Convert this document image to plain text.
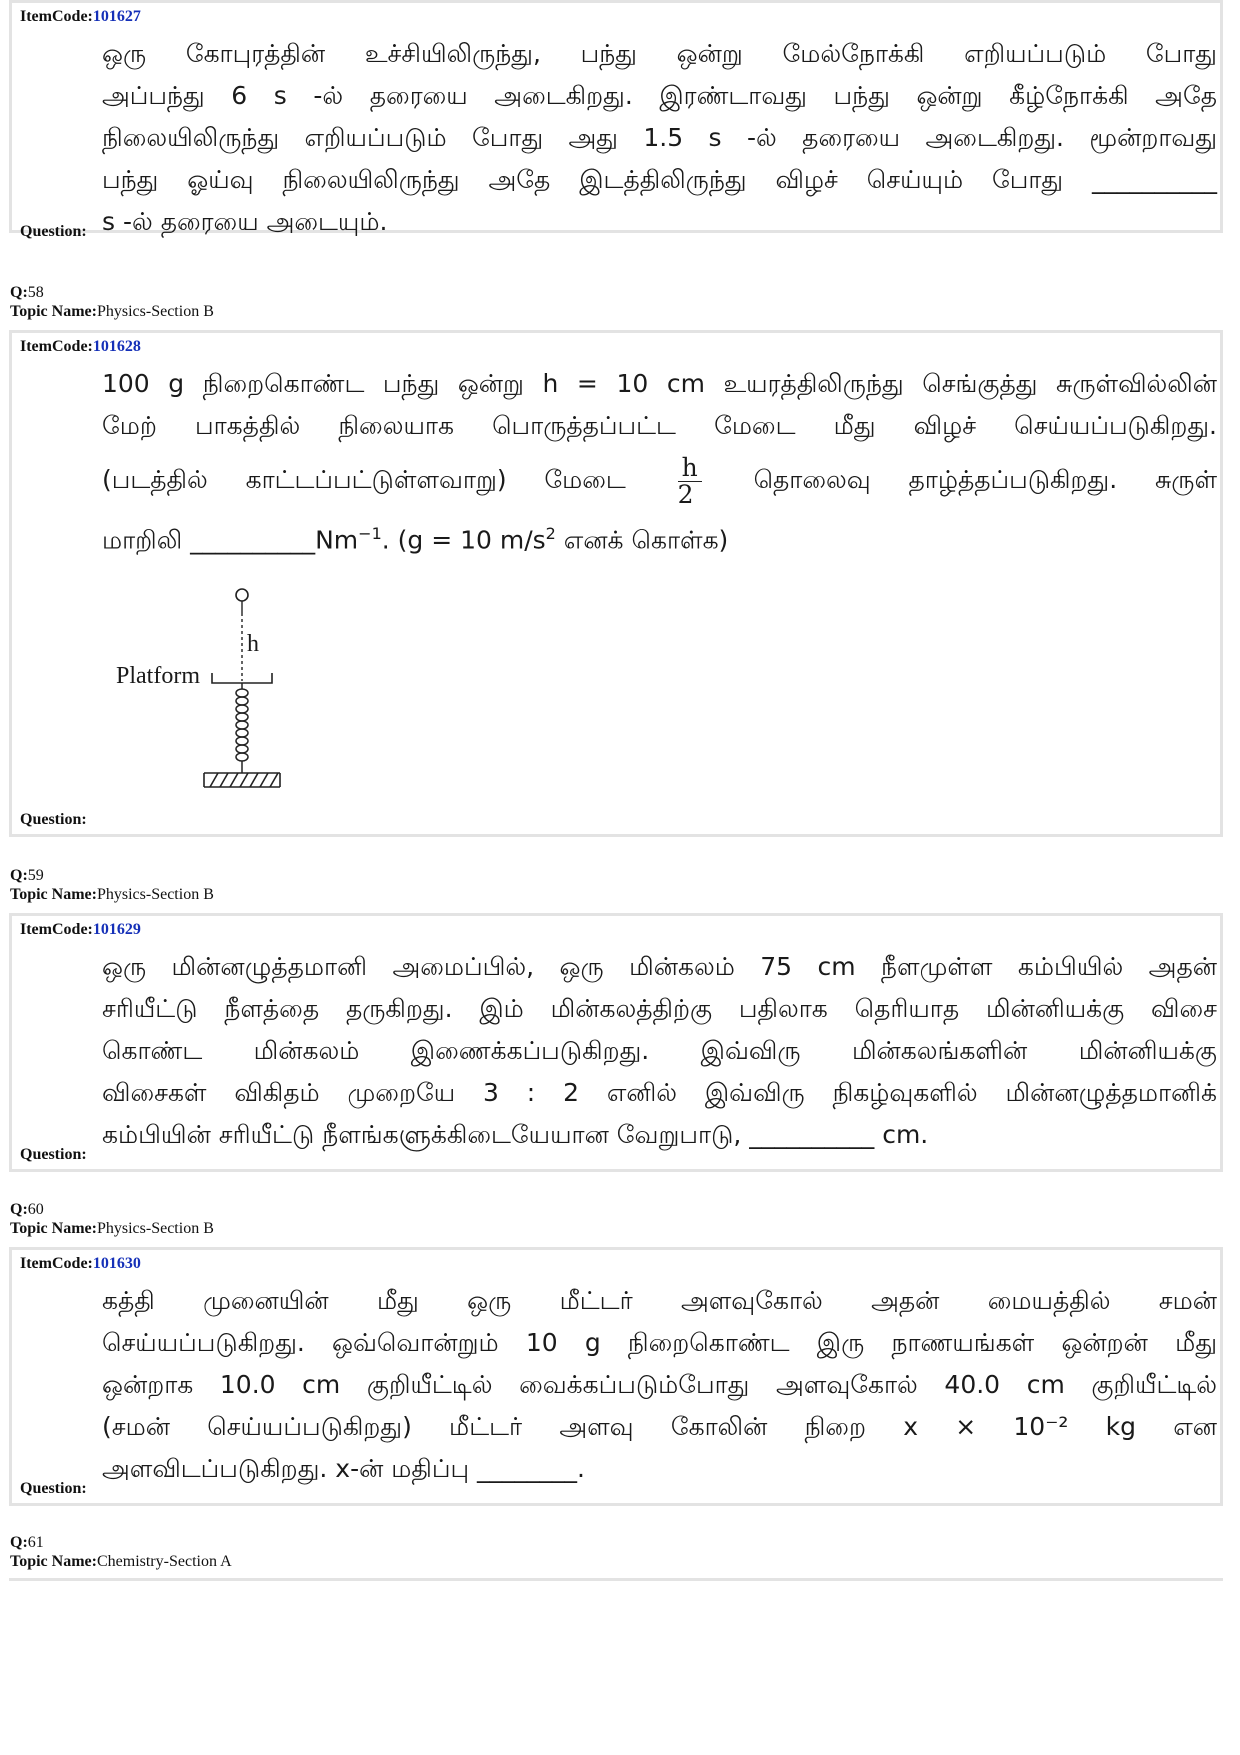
ItemCode:101627
ஒரு கோபுரத்தின் உச்சியிலிருந்து, பந்து ஒன்று மேல்நோக்கி எறியப்படும் போது
அப்பந்து 6 s -ல் தரையை அடைகிறது. இரண்டாவது பந்து ஒன்று கீழ்நோக்கி அதே
நிலையிலிருந்து எறியப்படும் போது அது 1.5 s -ல் தரையை அடைகிறது. மூன்றாவது
பந்து ஓய்வு நிலையிலிருந்து அதே இடத்திலிருந்து விழச் செய்யும் போது __________
s -ல் தரையை அடையும்.
Question:
Q:58
Topic Name:Physics-Section B
ItemCode:101628
100 g நிறைகொண்ட பந்து ஒன்று h = 10 cm உயரத்திலிருந்து செங்குத்து சுருள்வில்லின்
மேற் பாகத்தில் நிலையாக பொருத்தப்பட்ட மேடை மீது விழச் செய்யப்படுகிறது.
(படத்தில் காட்டப்பட்டுள்ளவாறு) மேடை $\frac{h}{2}$ தொலைவு தாழ்த்தப்படுகிறது. சுருள்
மாறிலி $\_\_\_\_\_\_\_\_\_\_Nm^{-1}$. (g = 10 $m/s^2$ எனக் கொள்க)
Platform
h
Question:
Q:59
Topic Name:Physics-Section B
ItemCode:101629
ஒரு மின்னழுத்தமானி அமைப்பில், ஒரு மின்கலம் 75 cm நீளமுள்ள கம்பியில் அதன்
சரியீட்டு நீளத்தை தருகிறது. இம் மின்கலத்திற்கு பதிலாக தெரியாத மின்னியக்கு விசை
கொண்ட மின்கலம் இணைக்கப்படுகிறது. இவ்விரு மின்கலங்களின் மின்னியக்கு
விசைகள் விகிதம் முறையே 3 : 2 எனில் இவ்விரு நிகழ்வுகளில் மின்னழுத்தமானிக்
கம்பியின் சரியீட்டு நீளங்களுக்கிடையேயான வேறுபாடு, __________ cm.
Question:
Q:60
Topic Name:Physics-Section B
ItemCode:101630
கத்தி முனையின் மீது ஒரு மீட்டர் அளவுகோல் அதன் மையத்தில் சமன்
செய்யப்படுகிறது. ஒவ்வொன்றும் 10 g நிறைகொண்ட இரு நாணயங்கள் ஒன்றன் மீது
ஒன்றாக 10.0 cm குறியீட்டில் வைக்கப்படும்போது அளவுகோல் 40.0 cm குறியீட்டில்
(சமன் செய்யப்படுகிறது) மீட்டர் அளவு கோலின் நிறை x × 10⁻² kg என
அளவிடப்படுகிறது. x-ன் மதிப்பு ________.
Question:
Q:61
Topic Name:Chemistry-Section A
